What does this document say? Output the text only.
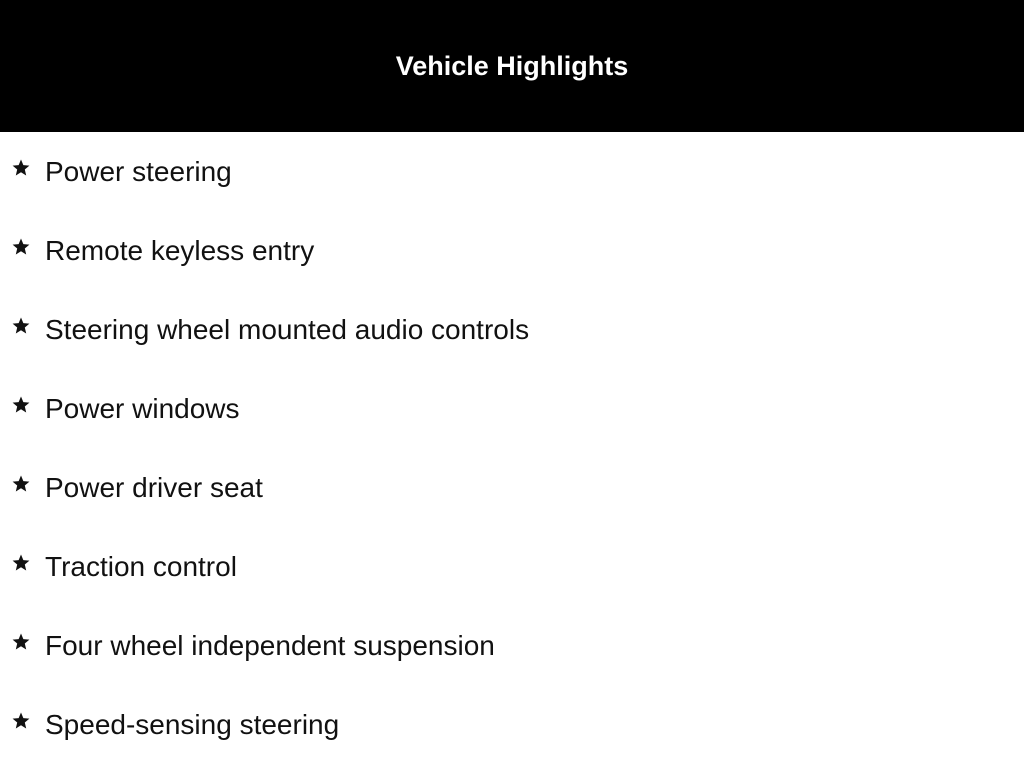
Vehicle Highlights
Power steering
Remote keyless entry
Steering wheel mounted audio controls
Power windows
Power driver seat
Traction control
Four wheel independent suspension
Speed-sensing steering
